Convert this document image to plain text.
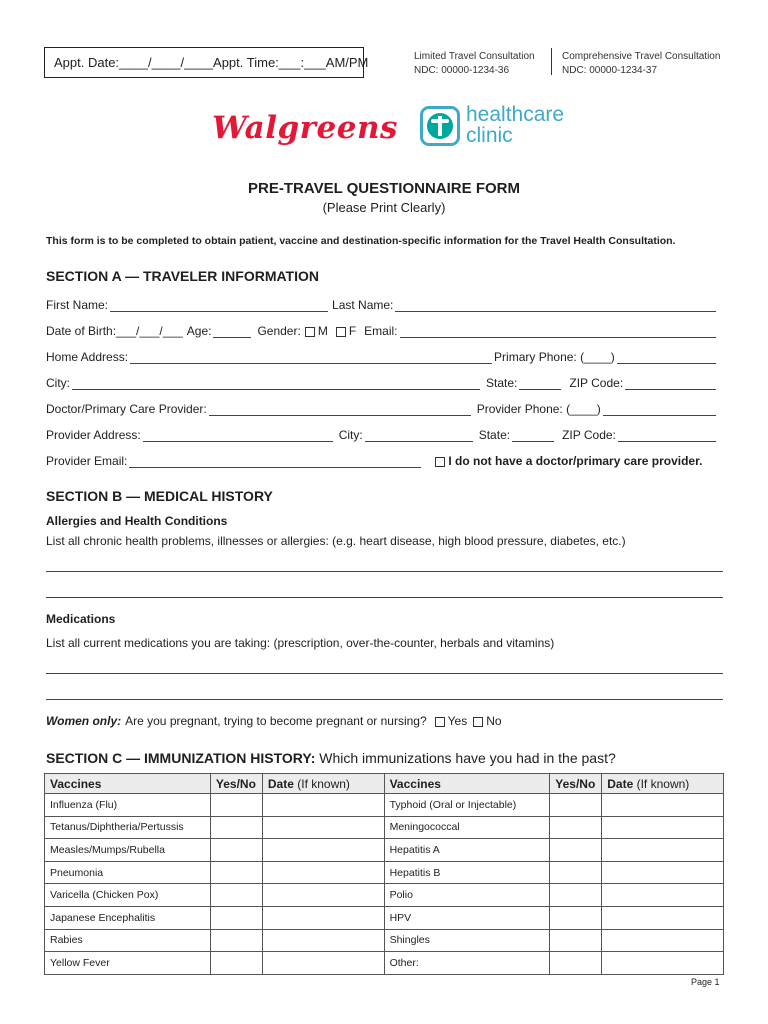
Appt. Date:____/____/____ Appt. Time:___:___AM/PM	Limited Travel Consultation
NDC: 00000-1234-36
Comprehensive Travel Consultation
NDC: 00000-1234-37
Walgreens	healthcare
clinic
PRE-TRAVEL QUESTIONNAIRE FORM
(Please Print Clearly)
This form is to be completed to obtain patient, vaccine and destination-specific information for the Travel Health Consultation.
SECTION A — TRAVELER INFORMATION
First Name:	Last Name:
Date of Birth:___/___/___ Age:	Gender: M F Email:
Home Address:	Primary Phone: (____)
City:	State:	ZIP Code:
Doctor/Primary Care Provider:	Provider Phone: (____)
Provider Address:	City:	State:	ZIP Code:
Provider Email:	I do not have a doctor/primary care provider.
SECTION B — MEDICAL HISTORY
Allergies and Health Conditions
List all chronic health problems, illnesses or allergies: (e.g. heart disease, high blood pressure, diabetes, etc.)
Medications
List all current medications you are taking: (prescription, over-the-counter, herbals and vitamins)
Women only: Are you pregnant, trying to become pregnant or nursing? Yes No
SECTION C — IMMUNIZATION HISTORY: Which immunizations have you had in the past?
Vaccines	Yes/No	Date (If known)	Vaccines	Yes/No	Date (If known)
Influenza (Flu)			Typhoid (Oral or Injectable)		
Tetanus/Diphtheria/Pertussis			Meningococcal		
Measles/Mumps/Rubella			Hepatitis A		
Pneumonia			Hepatitis B		
Varicella (Chicken Pox)			Polio		
Japanese Encephalitis			HPV		
Rabies			Shingles		
Yellow Fever			Other:		
Page 1
